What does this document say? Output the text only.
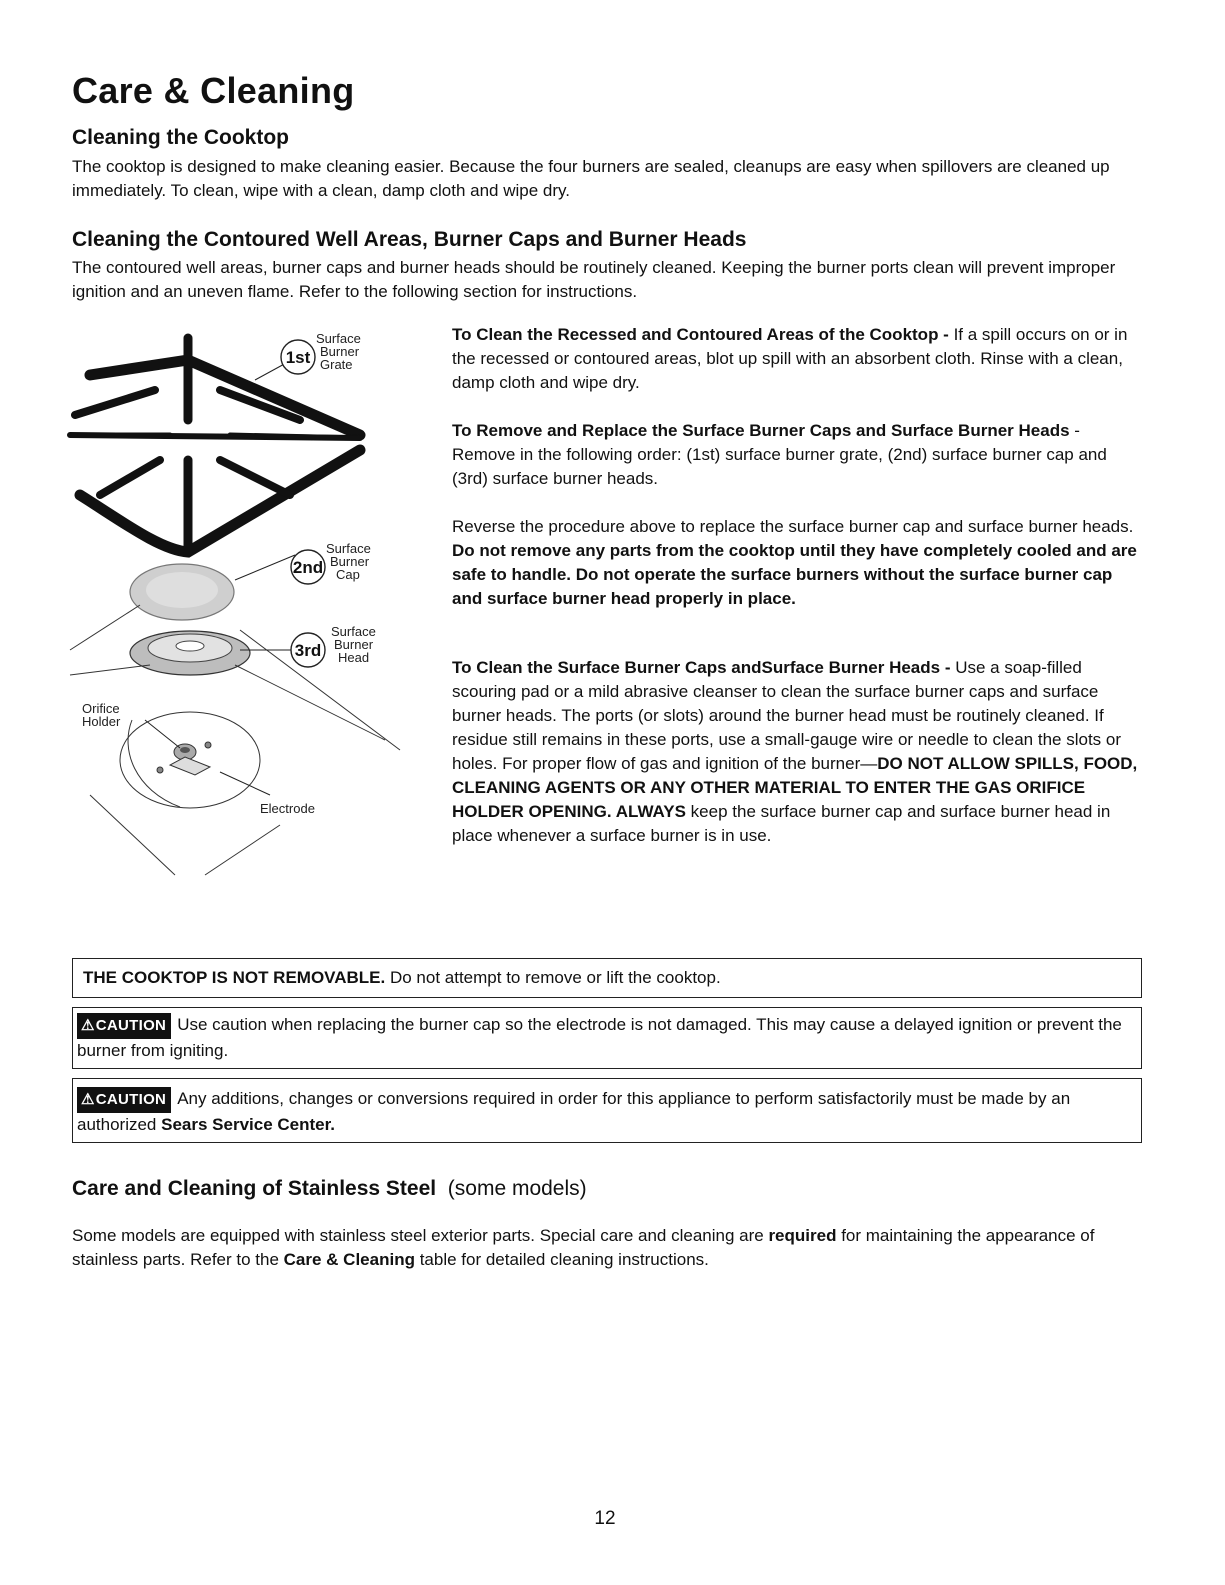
Care & Cleaning
Cleaning the Cooktop
The cooktop is designed to make cleaning easier. Because the four burners are sealed, cleanups are easy when spillovers are cleaned up immediately. To clean, wipe with a clean, damp cloth and wipe dry.
Cleaning the Contoured Well Areas, Burner Caps and Burner Heads
The contoured well areas, burner caps and burner heads should be routinely cleaned. Keeping the burner ports clean will prevent improper ignition and an uneven flame. Refer to the following section for instructions.
1st
2nd
3rd
Surface
Burner
Grate
Surface
Burner
Cap
Surface
Burner
Head
Orifice
Holder
Electrode
To Clean the Recessed and Contoured Areas of the Cooktop - If a spill occurs on or in the recessed or contoured areas, blot up spill with an absorbent cloth. Rinse with a clean, damp cloth and wipe dry.
To Remove and Replace the Surface Burner Caps and Surface Burner Heads - Remove in the following order: (1st) surface burner grate, (2nd) surface burner cap and (3rd) surface burner heads.
Reverse the procedure above to replace the surface burner cap and surface burner heads. Do not remove any parts from the cooktop until they have completely cooled and are safe to handle. Do not operate the surface burners without the surface burner cap and surface burner head properly in place.
To Clean the Surface Burner Caps andSurface Burner Heads - Use a soap-filled scouring pad or a mild abrasive cleanser to clean the surface burner caps and surface burner heads. The ports (or slots) around the burner head must be routinely cleaned. If residue still remains in these ports, use a small-gauge wire or needle to clean the slots or holes. For proper flow of gas and ignition of the burner—DO NOT ALLOW SPILLS, FOOD, CLEANING AGENTS OR ANY OTHER MATERIAL TO ENTER THE GAS ORIFICE HOLDER OPENING. ALWAYS keep the surface burner cap and surface burner head in place whenever a surface burner is in use.
THE COOKTOP IS NOT REMOVABLE. Do not attempt to remove or lift the cooktop.
⚠CAUTION Use caution when replacing the burner cap so the electrode is not damaged. This may cause a delayed ignition or prevent the burner from igniting.
⚠CAUTION Any additions, changes or conversions required in order for this appliance to perform satisfactorily must be made by an authorized Sears Service Center.
Care and Cleaning of Stainless Steel (some models)
Some models are equipped with stainless steel exterior parts. Special care and cleaning are required for maintaining the appearance of stainless parts. Refer to the Care & Cleaning table for detailed cleaning instructions.
12
